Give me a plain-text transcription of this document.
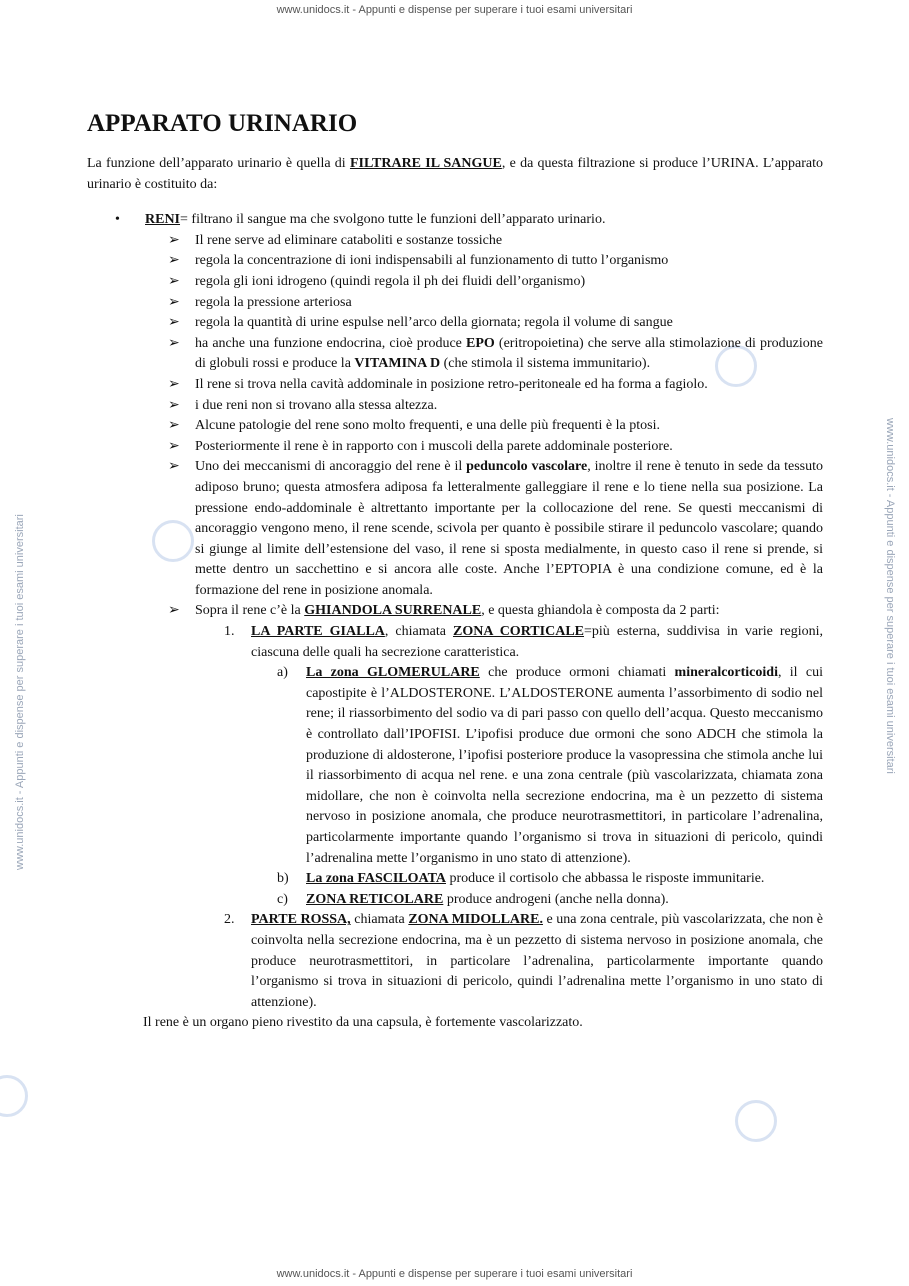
www.unidocs.it - Appunti e dispense per superare i tuoi esami universitari
www.unidocs.it - Appunti e dispense per superare i tuoi esami universitari	www.unidocs.it - Appunti e dispense per superare i tuoi esami universitari
APPARATO URINARIO

La funzione dell’apparato urinario è quella di FILTRARE IL SANGUE, e da questa filtrazione si produce l’URINA. L’apparato urinario è costituito da:

• RENI= filtrano il sangue ma che svolgono tutte le funzioni dell’apparato urinario.
➢ Il rene serve ad eliminare cataboliti e sostanze tossiche
➢ regola la concentrazione di ioni indispensabili al funzionamento di tutto l’organismo
➢ regola gli ioni idrogeno (quindi regola il ph dei fluidi dell’organismo)
➢ regola la pressione arteriosa
➢ regola la quantità di urine espulse nell’arco della giornata; regola il volume di sangue
➢ ha anche una funzione endocrina, cioè produce EPO (eritropoietina) che serve alla stimolazione di produzione di globuli rossi e produce la VITAMINA D (che stimola il sistema immunitario).
➢ Il rene si trova nella cavità addominale in posizione retro-peritoneale ed ha forma a fagiolo.
➢ i due reni non si trovano alla stessa altezza.
➢ Alcune patologie del rene sono molto frequenti, e una delle più frequenti è la ptosi.
➢ Posteriormente il rene è in rapporto con i muscoli della parete addominale posteriore.
➢ Uno dei meccanismi di ancoraggio del rene è il peduncolo vascolare, inoltre il rene è tenuto in sede da tessuto adiposo bruno; questa atmosfera adiposa fa letteralmente galleggiare il rene e lo tiene nella sua posizione. La pressione endo-addominale è altrettanto importante per la collocazione del rene. Se questi meccanismi di ancoraggio vengono meno, il rene scende, scivola per quanto è possibile stirare il peduncolo vascolare; quando si giunge al limite dell’estensione del vaso, il rene si sposta medialmente, in questo caso il rene si prende, si mette dentro un sacchettino e si ancora alle coste. Anche l’EPTOPIA è una condizione comune, ed è la formazione del rene in posizione anomala.
➢ Sopra il rene c’è la GHIANDOLA SURRENALE, e questa ghiandola è composta da 2 parti:
1. LA PARTE GIALLA, chiamata ZONA CORTICALE=più esterna, suddivisa in varie regioni, ciascuna delle quali ha secrezione caratteristica.
a) La zona GLOMERULARE che produce ormoni chiamati mineralcorticoidi, il cui capostipite è l’ALDOSTERONE. L’ALDOSTERONE aumenta l’assorbimento di sodio nel rene; il riassorbimento del sodio va di pari passo con quello dell’acqua. Questo meccanismo è controllato dall’IPOFISI. L’ipofisi produce due ormoni che sono ADCH che stimola la produzione di aldosterone, l’ipofisi posteriore produce la vasopressina che stimola anche lui il riassorbimento di acqua nel rene. e una zona centrale (più vascolarizzata, chiamata zona midollare, che non è coinvolta nella secrezione endocrina, ma è un pezzetto di sistema nervoso in posizione anomala, che produce neurotrasmettitori, in particolare l’adrenalina, particolarmente importante quando l’organismo si trova in situazioni di pericolo, quindi l’adrenalina mette l’organismo in uno stato di attenzione).
b) La zona FASCILOATA produce il cortisolo che abbassa le risposte immunitarie.
c) ZONA RETICOLARE produce androgeni (anche nella donna).
2. PARTE ROSSA, chiamata ZONA MIDOLLARE. e una zona centrale, più vascolarizzata, che non è coinvolta nella secrezione endocrina, ma è un pezzetto di sistema nervoso in posizione anomala, che produce neurotrasmettitori, in particolare l’adrenalina, particolarmente importante quando l’organismo si trova in situazioni di pericolo, quindi l’adrenalina mette l’organismo in uno stato di attenzione).
Il rene è un organo pieno rivestito da una capsula, è fortemente vascolarizzato.
www.unidocs.it - Appunti e dispense per superare i tuoi esami universitari
